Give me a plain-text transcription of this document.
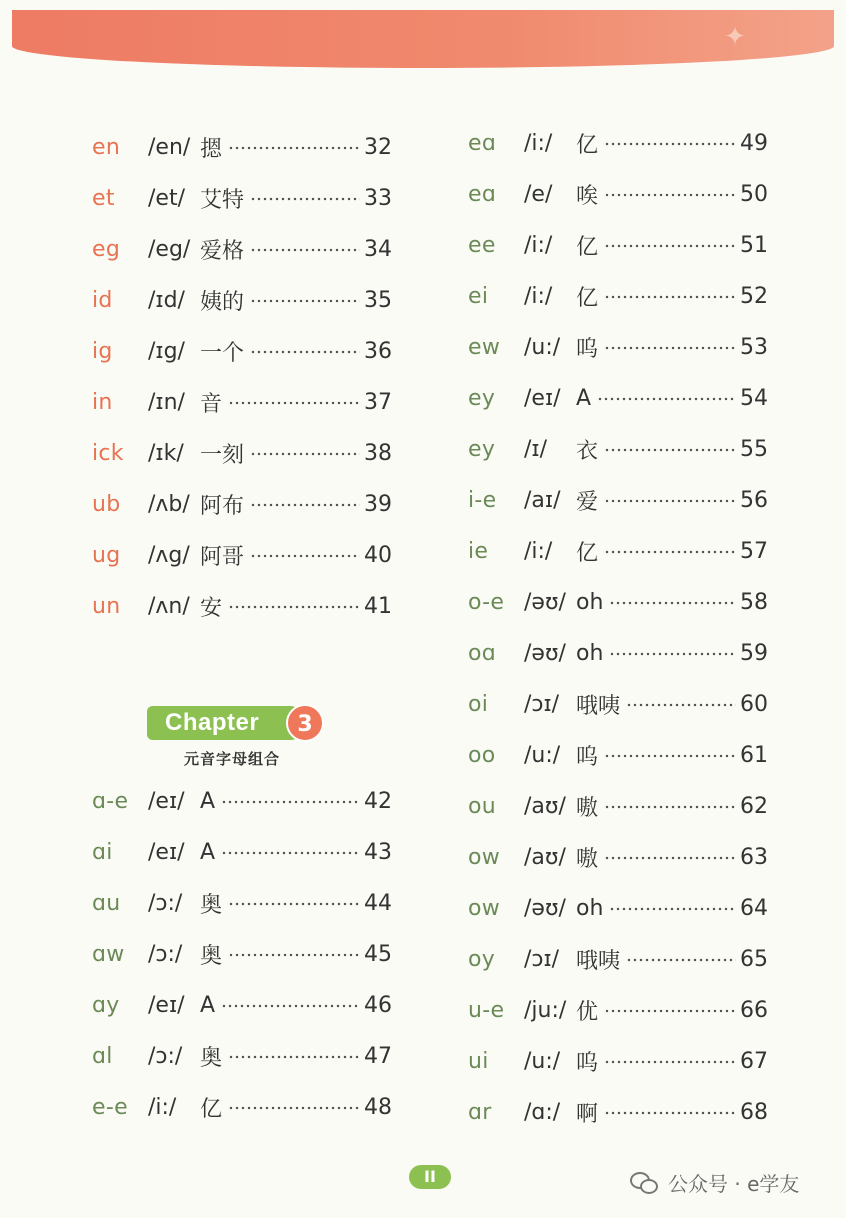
✦
en	/en/ 摁	32
et	/et/ 艾特	33
eg	/eg/ 爱格	34
id	/ɪd/ 姨的	35
ig	/ɪg/ 一个	36
in	/ɪn/ 音	37
ick	/ɪk/ 一刻	38
ub	/ʌb/ 阿布	39
ug	/ʌg/ 阿哥	40
un	/ʌn/ 安	41
Chapter	3
元音字母组合
ɑ-e /eɪ/ A	42
ɑi	/eɪ/ A	43
ɑu	/ɔ:/ 奥	44
ɑw	/ɔ:/ 奥	45
ɑy	/eɪ/ A	46
ɑl	/ɔ:/ 奥	47
e-e /i:/	亿	48
eɑ	/i:/	亿	49
eɑ	/e/	唉	50
ee	/i:/	亿	51
ei	/i:/	亿	52
ew	/u:/ 呜	53
ey	/eɪ/ A	54
ey	/ɪ/	衣	55
i-e	/aɪ/ 爱	56
ie	/i:/	亿	57
o-e /əʊ/ oh	58
oɑ	/əʊ/ oh	59
oi	/ɔɪ/ 哦咦	60
oo	/u:/ 呜	61
ou	/aʊ/ 嗷	62
ow	/aʊ/ 嗷	63
ow	/əʊ/ oh	64
oy	/ɔɪ/ 哦咦	65
u-e /ju:/ 优	66
ui	/u:/ 呜	67
ɑr	/ɑ:/ 啊	68
II	公众号 · e学友
